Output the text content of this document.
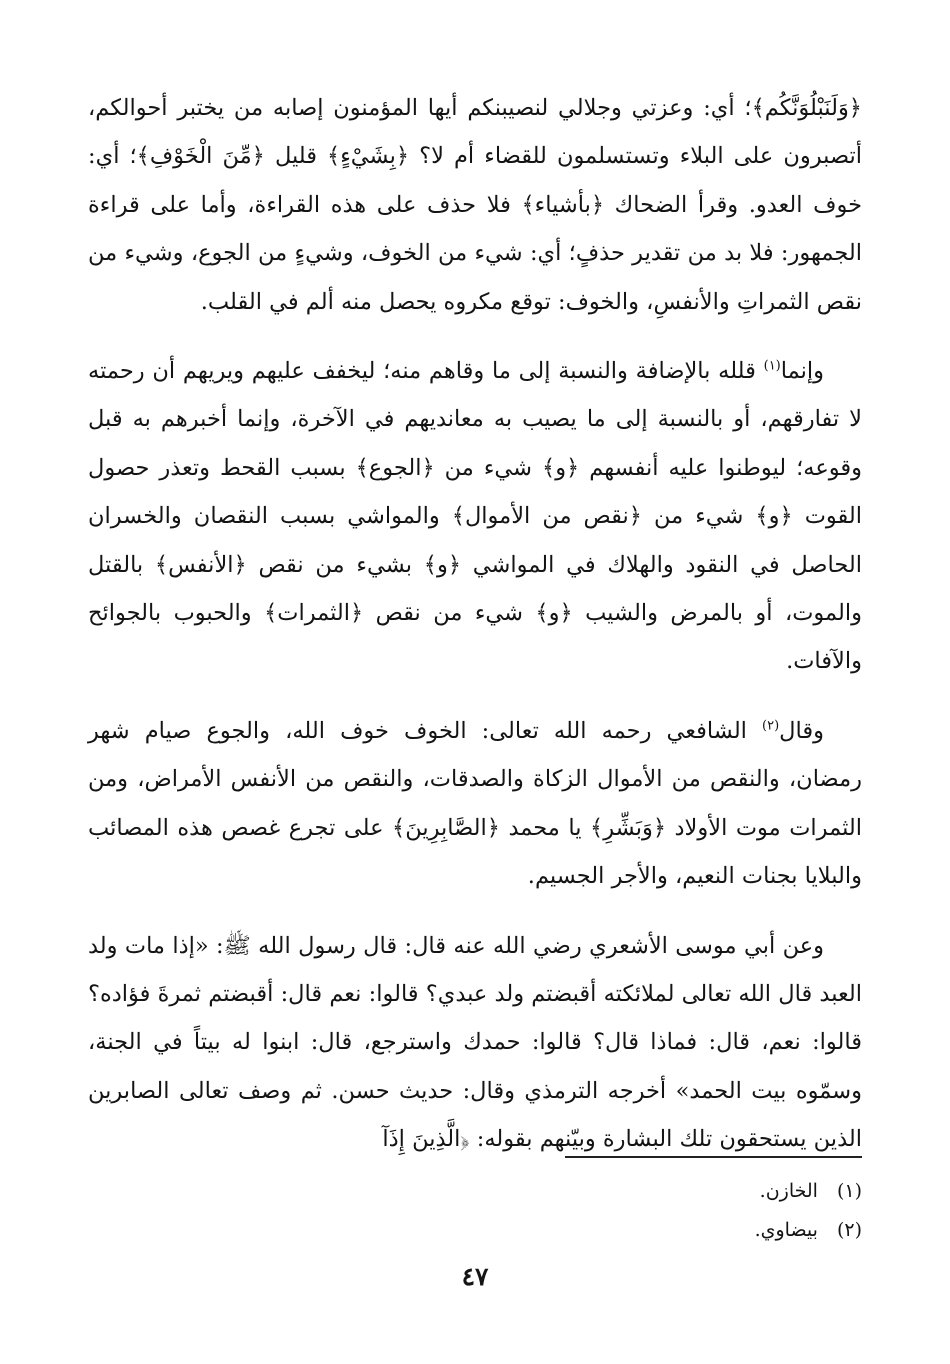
﴿وَلَنَبْلُوَنَّكُم﴾؛ أي: وعزتي وجلالي لنصيبنكم أيها المؤمنون إصابه من يختبر أحوالكم، أتصبرون على البلاء وتستسلمون للقضاء أم لا؟ ﴿بِشَيْءٍ﴾ قليل ﴿مِّنَ الْخَوْفِ﴾؛ أي: خوف العدو. وقرأ الضحاك ﴿بأشياء﴾ فلا حذف على هذه القراءة، وأما على قراءة الجمهور: فلا بد من تقدير حذفٍ؛ أي: شيء من الخوف، وشيءٍ من الجوع، وشيء من نقص الثمراتِ والأنفسِ، والخوف: توقع مكروه يحصل منه ألم في القلب.

وإنما$^{(١)}$ قلله بالإضافة والنسبة إلى ما وقاهم منه؛ ليخفف عليهم ويريهم أن رحمته لا تفارقهم، أو بالنسبة إلى ما يصيب به معانديهم في الآخرة، وإنما أخبرهم به قبل وقوعه؛ ليوطنوا عليه أنفسهم ﴿و﴾ شيء من ﴿الجوع﴾ بسبب القحط وتعذر حصول القوت ﴿و﴾ شيء من ﴿نقص من الأموال﴾ والمواشي بسبب النقصان والخسران الحاصل في النقود والهلاك في المواشي ﴿و﴾ بشيء من نقص ﴿الأنفس﴾ بالقتل والموت، أو بالمرض والشيب ﴿و﴾ شيء من نقص ﴿الثمرات﴾ والحبوب بالجوائح والآفات.

وقال$^{(٢)}$ الشافعي رحمه الله تعالى: الخوف خوف الله، والجوع صيام شهر رمضان، والنقص من الأموال الزكاة والصدقات، والنقص من الأنفس الأمراض، ومن الثمرات موت الأولاد ﴿وَبَشِّرِ﴾ يا محمد ﴿الصَّابِرِينَ﴾ على تجرع غصص هذه المصائب والبلايا بجنات النعيم، والأجر الجسيم.

وعن أبي موسى الأشعري رضي الله عنه قال: قال رسول الله ﷺ: «إذا مات ولد العبد قال الله تعالى لملائكته أقبضتم ولد عبدي؟ قالوا: نعم قال: أقبضتم ثمرةَ فؤاده؟ قالوا: نعم، قال: فماذا قال؟ قالوا: حمدك واسترجع، قال: ابنوا له بيتاً في الجنة، وسمّوه بيت الحمد» أخرجه الترمذي وقال: حديث حسن. ثم وصف تعالى الصابرين الذين يستحقون تلك البشارة وبيّنهم بقوله: ﴿الَّذِينَ إِذَآ

(١) الخازن.
(٢) بيضاوي.
٤٧
